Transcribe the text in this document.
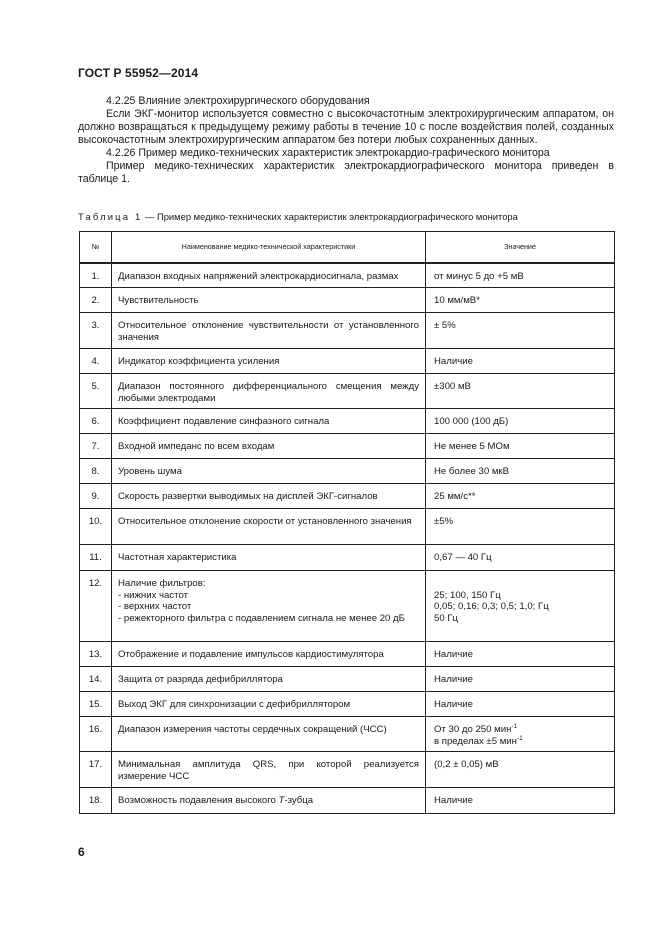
ГОСТ Р 55952—2014

4.2.25 Влияние электрохирургического оборудования

Если ЭКГ-монитор используется совместно с высокочастотным электрохирургическим аппаратом, он должно возвращаться к предыдущему режиму работы в течение 10 с после воздействия полей, созданных высокочастотным электрохирургическим аппаратом без потери любых сохраненных данных.

4.2.26 Пример медико-технических характеристик электрокардио-графического монитора

Пример медико-технических характеристик электрокардиографического монитора приведен в таблице 1.

Таблица 1 — Пример медико-технических характеристик электрокардиографического монитора
№	Наименование медико-технической характеристики	Значение
1.	Диапазон входных напряжений электрокардиосигнала, размах	от минус 5 до +5 мВ
2.	Чувствительность	10 мм/мВ*
3.	Относительное отклонение чувствительности от установленного значения	± 5%
4.	Индикатор коэффициента усиления	Наличие
5.	Диапазон постоянного дифференциального смещения между любыми электродами	±300 мВ
6.	Коэффициент подавление синфазного сигнала	100 000 (100 дБ)
7.	Входной импеданс по всем входам	Не менее 5 МОм
8.	Уровень шума	Не более 30 мкВ
9.	Скорость развертки выводимых на дисплей ЭКГ-сигналов	25 мм/с**
10.	Относительное отклонение скорости от установленного значения	±5%
11.	Частотная характеристика	0,67 — 40 Гц
12.	Наличие фильтров:
- нижних частот
- верхних частот
- режекторного фильтра с подавлением сигнала не менее 20 дБ	25; 100, 150 Гц
0,05; 0,16; 0,3; 0,5; 1,0; Гц
50 Гц

13.	Отображение и подавление импульсов кардиостимулятора	Наличие
14.	Защита от разряда дефибриллятора	Наличие
15.	Выход ЭКГ для синхронизации с дефибриллятором	Наличие
16.	Диапазон измерения частоты сердечных сокращений (ЧСС)	От 30 до 250 мин$^{-1}$
в пределах ±5 мин$^{-1}$

17.	Минимальная амплитуда QRS, при которой реализуется измерение ЧСС	(0,2 ± 0,05) мВ
18.	Возможность подавления высокого Т-зубца	Наличие
6
